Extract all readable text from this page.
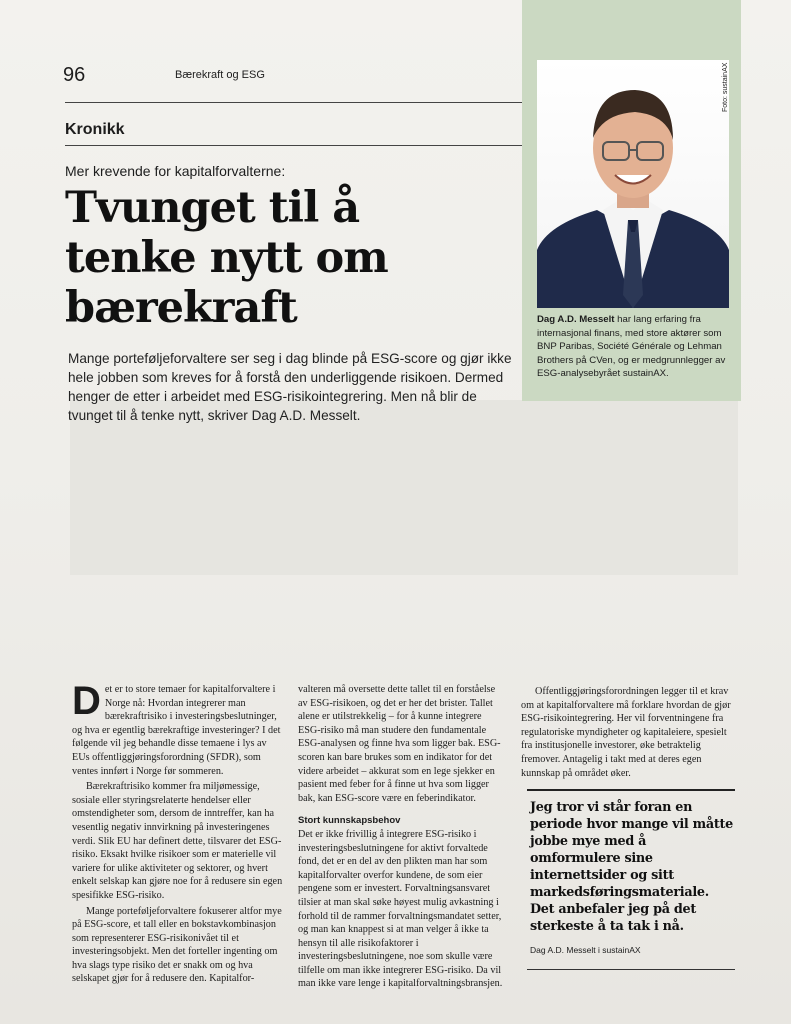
96	Bærekraft og ESG
Kronikk
Mer krevende for kapitalforvalterne:
Tvunget til å
tenke nytt om
bærekraft

Mange porteføljeforvaltere ser seg i dag blinde på ESG-score og gjør ikke hele jobben som kreves for å forstå den underliggende risikoen. Dermed henger de etter i arbeidet med ESG-risikointegrering. Men nå blir de tvunget til å tenke nytt, skriver Dag A.D. Messelt.

Foto: sustainAX

Dag A.D. Messelt har lang erfaring fra internasjonal finans, med store aktører som BNP Paribas, Société Générale og Lehman Brothers på CVen, og er medgrunnlegger av ESG-analysebyrået sustainAX.

Det er to store temaer for kapitalforvaltere i Norge nå: Hvordan integrerer man bærekraftrisiko i investeringsbeslutninger, og hva er egentlig bærekraftige investeringer? I det følgende vil jeg behandle disse temaene i lys av EUs offentliggjøringsforordning (SFDR), som ventes innført i Norge før sommeren.

Bærekraftrisiko kommer fra miljømessige, sosiale eller styringsrelaterte hendelser eller omstendigheter som, dersom de inntreffer, kan ha vesentlig negativ innvirkning på investeringenes verdi. Slik EU har definert dette, tilsvarer det ESG-risiko. Eksakt hvilke risikoer som er materielle vil variere for ulike aktiviteter og sektorer, og hvert enkelt selskap kan gjøre noe for å redusere sin egen spesifikke ESG-risiko.

Mange porteføljeforvaltere fokuserer altfor mye på ESG-score, et tall eller en bokstavkombinasjon som representerer ESG-risikonivået til et investeringsobjekt. Men det forteller ingenting om hva slags type risiko det er snakk om og hva selskapet gjør for å redusere den. Kapitalfor-

valteren må oversette dette tallet til en forståelse av ESG-risikoen, og det er her det brister. Tallet alene er utilstrekkelig – for å kunne integrere ESG-risiko må man studere den fundamentale ESG-analysen og finne hva som ligger bak. ESG-scoren kan bare brukes som en indikator for det videre arbeidet – akkurat som en lege sjekker en pasient med feber for å finne ut hva som ligger bak, kan ESG-score være en feberindikator.

Stort kunnskapsbehov

Det er ikke frivillig å integrere ESG-risiko i investeringsbeslutningene for aktivt forvaltede fond, det er en del av den plikten man har som kapitalforvalter overfor kundene, de som eier pengene som er investert. Forvaltningsansvaret tilsier at man skal søke høyest mulig avkastning i forhold til de rammer forvaltningsmandatet setter, og man kan knappest si at man velger å ikke ta hensyn til alle risikofaktorer i investeringsbeslutningene, noe som skulle være tilfelle om man ikke integrerer ESG-risiko. Da vil man ikke vare lenge i kapitalforvaltningsbransjen.

Offentliggjøringsforordningen legger til et krav om at kapitalforvaltere må forklare hvordan de gjør ESG-risikointegrering. Her vil forventningene fra regulatoriske myndigheter og kapitaleiere, spesielt fra institusjonelle investorer, øke betraktelig fremover. Antagelig i takt med at deres egen kunnskap på området øker.

Jeg tror vi står foran en periode hvor mange vil måtte jobbe mye med å omformulere sine internettsider og sitt markedsføringsmateriale. Det anbefaler jeg på det sterkeste å ta tak i nå.

Dag A.D. Messelt i sustainAX
